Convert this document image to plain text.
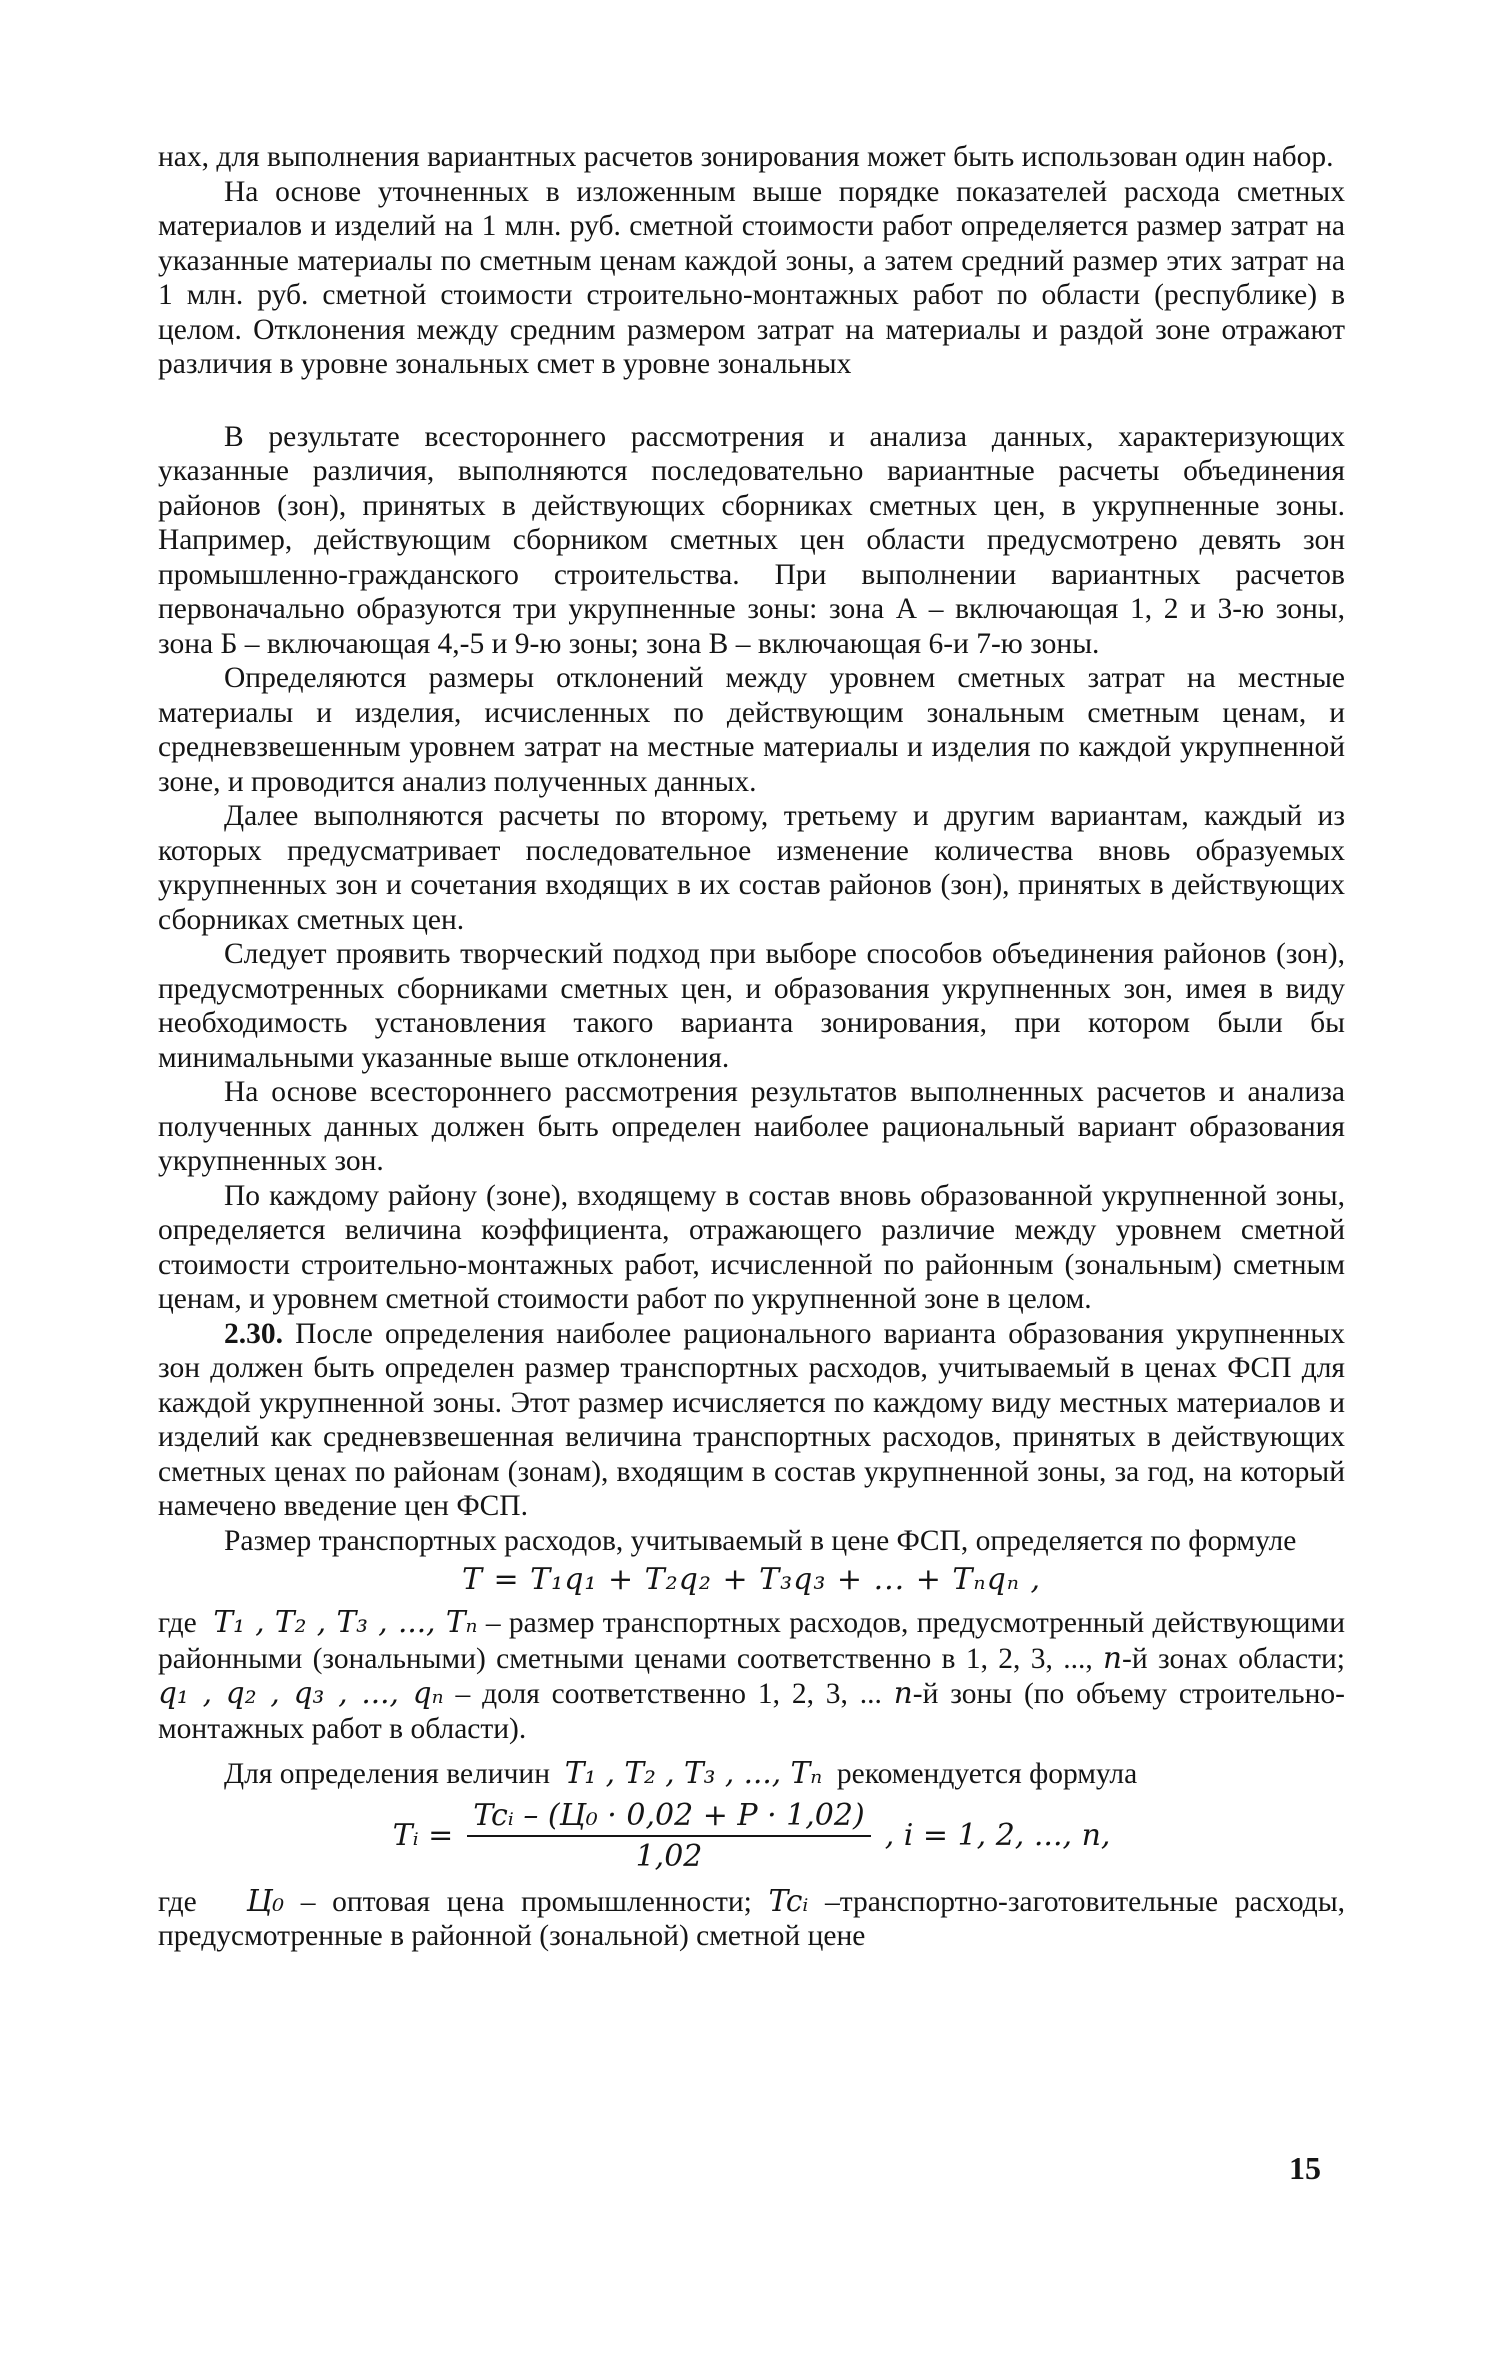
нах, для выполнения вариантных расчетов зонирования может быть использован один набор.

На основе уточненных в изложенным выше порядке показателей расхода сметных материалов и изделий на 1 млн. руб. сметной стоимости работ определяется размер затрат на указанные материалы по сметным ценам каждой зоны, а затем средний размер этих затрат на 1 млн. руб. сметной стоимости строительно-монтажных работ по области (республике) в целом. Отклонения между средним размером затрат на материалы и раздой зоне отражают различия в уровне зональных смет в уровне зональных

В результате всестороннего рассмотрения и анализа данных, характеризующих указанные различия, выполняются последовательно вариантные расчеты объединения районов (зон), принятых в действующих сборниках сметных цен, в укрупненные зоны. Например, действующим сборником сметных цен области предусмотрено девять зон промышленно-гражданского строительства. При выполнении вариантных расчетов первоначально образуются три укрупненные зоны: зона А – включающая 1, 2 и 3-ю зоны, зона Б – включающая 4,-5 и 9-ю зоны; зона В – включающая 6-и 7-ю зоны.

Определяются размеры отклонений между уровнем сметных затрат на местные материалы и изделия, исчисленных по действующим зональным сметным ценам, и средневзвешенным уровнем затрат на местные материалы и изделия по каждой укрупненной зоне, и проводится анализ полученных данных.

Далее выполняются расчеты по второму, третьему и другим вариантам, каждый из которых предусматривает последовательное изменение количества вновь образуемых укрупненных зон и сочетания входящих в их состав районов (зон), принятых в действующих сборниках сметных цен.

Следует проявить творческий подход при выборе способов объединения районов (зон), предусмотренных сборниками сметных цен, и образования укрупненных зон, имея в виду необходимость установления такого варианта зонирования, при котором были бы минимальными указанные выше отклонения.

На основе всестороннего рассмотрения результатов выполненных расчетов и анализа полученных данных должен быть определен наиболее рациональный вариант образования укрупненных зон.

По каждому району (зоне), входящему в состав вновь образованной укрупненной зоны, определяется величина коэффициента, отражающего различие между уровнем сметной стоимости строительно-монтажных работ, исчисленной по районным (зональным) сметным ценам, и уровнем сметной стоимости работ по укрупненной зоне в целом.

2.30. После определения наиболее рационального варианта образования укрупненных зон должен быть определен размер транспортных расходов, учитываемый в ценах ФСП для каждой укрупненной зоны. Этот размер исчисляется по каждому виду местных материалов и изделий как средневзвешенная величина транспортных расходов, принятых в действующих сметных ценах по районам (зонам), входящим в состав укрупненной зоны, за год, на который намечено введение цен ФСП.

Размер транспортных расходов, учитываемый в цене ФСП, определяется по формуле

T = T₁q₁ + T₂q₂ + T₃q₃ + ... + Tₙqₙ ,

где T₁ , T₂ , T₃ , ..., Tₙ – размер транспортных расходов, предусмотренный действующими районными (зональными) сметными ценами соответственно в 1, 2, 3, ..., n-й зонах области; q₁ , q₂ , q₃ , ..., qₙ – доля соответственно 1, 2, 3, ... n-й зоны (по объему строительно-монтажных работ в области).

Для определения величин T₁ , T₂ , T₃ , ..., Tₙ рекомендуется формула

Tᵢ = $\frac{\text{Tcᵢ – (Ц₀ · 0,02 + P · 1,02)}}{1,02}$ , i = 1, 2, ..., n,

где Ц₀ – оптовая цена промышленности; Tcᵢ –транспортно-заготовительные расходы, предусмотренные в районной (зональной) сметной цене

15
